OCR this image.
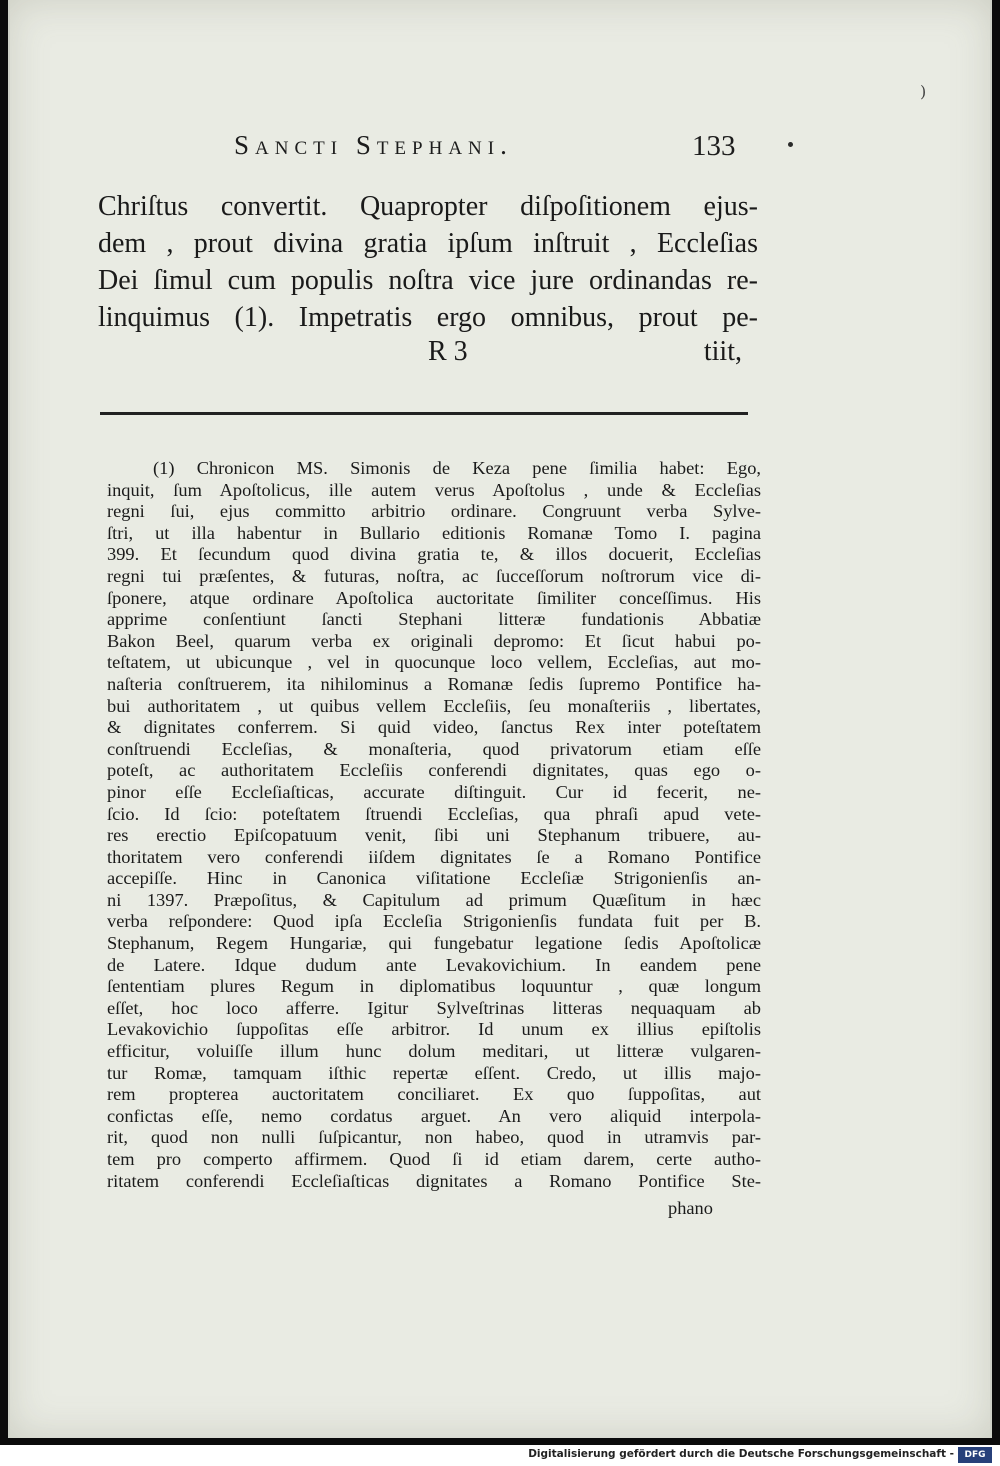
)
Sancti Stephani.	133
Chriſtus convertit. Quapropter diſpoſitionem ejus-
dem , prout divina gratia ipſum inſtruit , Eccleſias
Dei ſimul cum populis noſtra vice jure ordinandas re-
linquimus (1). Impetratis ergo omnibus, prout pe-
R 3	tiit,
(1) Chronicon MS. Simonis de Keza pene ſimilia habet: Ego,
inquit, ſum Apoſtolicus, ille autem verus Apoſtolus , unde & Eccleſias
regni ſui, ejus committo arbitrio ordinare. Congruunt verba Sylve-
ſtri, ut illa habentur in Bullario editionis Romanæ Tomo I. pagina
399. Et ſecundum quod divina gratia te, & illos docuerit, Eccleſias
regni tui præſentes, & futuras, noſtra, ac ſucceſſorum noſtrorum vice di-
ſponere, atque ordinare Apoſtolica auctoritate ſimiliter conceſſimus. His
apprime conſentiunt ſancti Stephani litteræ fundationis Abbatiæ
Bakon Beel, quarum verba ex originali depromo: Et ſicut habui po-
teſtatem, ut ubicunque , vel in quocunque loco vellem, Eccleſias, aut mo-
naſteria conſtruerem, ita nihilominus a Romanæ ſedis ſupremo Pontifice ha-
bui authoritatem , ut quibus vellem Eccleſiis, ſeu monaſteriis , libertates,
& dignitates conferrem. Si quid video, ſanctus Rex inter poteſtatem
conſtruendi Eccleſias, & monaſteria, quod privatorum etiam eſſe
poteſt, ac authoritatem Eccleſiis conferendi dignitates, quas ego o-
pinor eſſe Eccleſiaſticas, accurate diſtinguit. Cur id fecerit, ne-
ſcio. Id ſcio: poteſtatem ſtruendi Eccleſias, qua phraſi apud vete-
res erectio Epiſcopatuum venit, ſibi uni Stephanum tribuere, au-
thoritatem vero conferendi iiſdem dignitates ſe a Romano Pontifice
accepiſſe. Hinc in Canonica viſitatione Eccleſiæ Strigonienſis an-
ni 1397. Præpoſitus, & Capitulum ad primum Quæſitum in hæc
verba reſpondere: Quod ipſa Eccleſia Strigonienſis fundata fuit per B.
Stephanum, Regem Hungariæ, qui fungebatur legatione ſedis Apoſtolicæ
de Latere. Idque dudum ante Levakovichium. In eandem pene
ſententiam plures Regum in diplomatibus loquuntur , quæ longum
eſſet, hoc loco afferre. Igitur Sylveſtrinas litteras nequaquam ab
Levakovichio ſuppoſitas eſſe arbitror. Id unum ex illius epiſtolis
efficitur, voluiſſe illum hunc dolum meditari, ut litteræ vulgaren-
tur Romæ, tamquam iſthic repertæ eſſent. Credo, ut illis majo-
rem propterea auctoritatem conciliaret. Ex quo ſuppoſitas, aut
confictas eſſe, nemo cordatus arguet. An vero aliquid interpola-
rit, quod non nulli ſuſpicantur, non habeo, quod in utramvis par-
tem pro comperto affirmem. Quod ſi id etiam darem, certe autho-
ritatem conferendi Eccleſiaſticas dignitates a Romano Pontifice Ste-
phano
Digitalisierung gefördert durch die Deutsche Forschungsgemeinschaft -	DFG
